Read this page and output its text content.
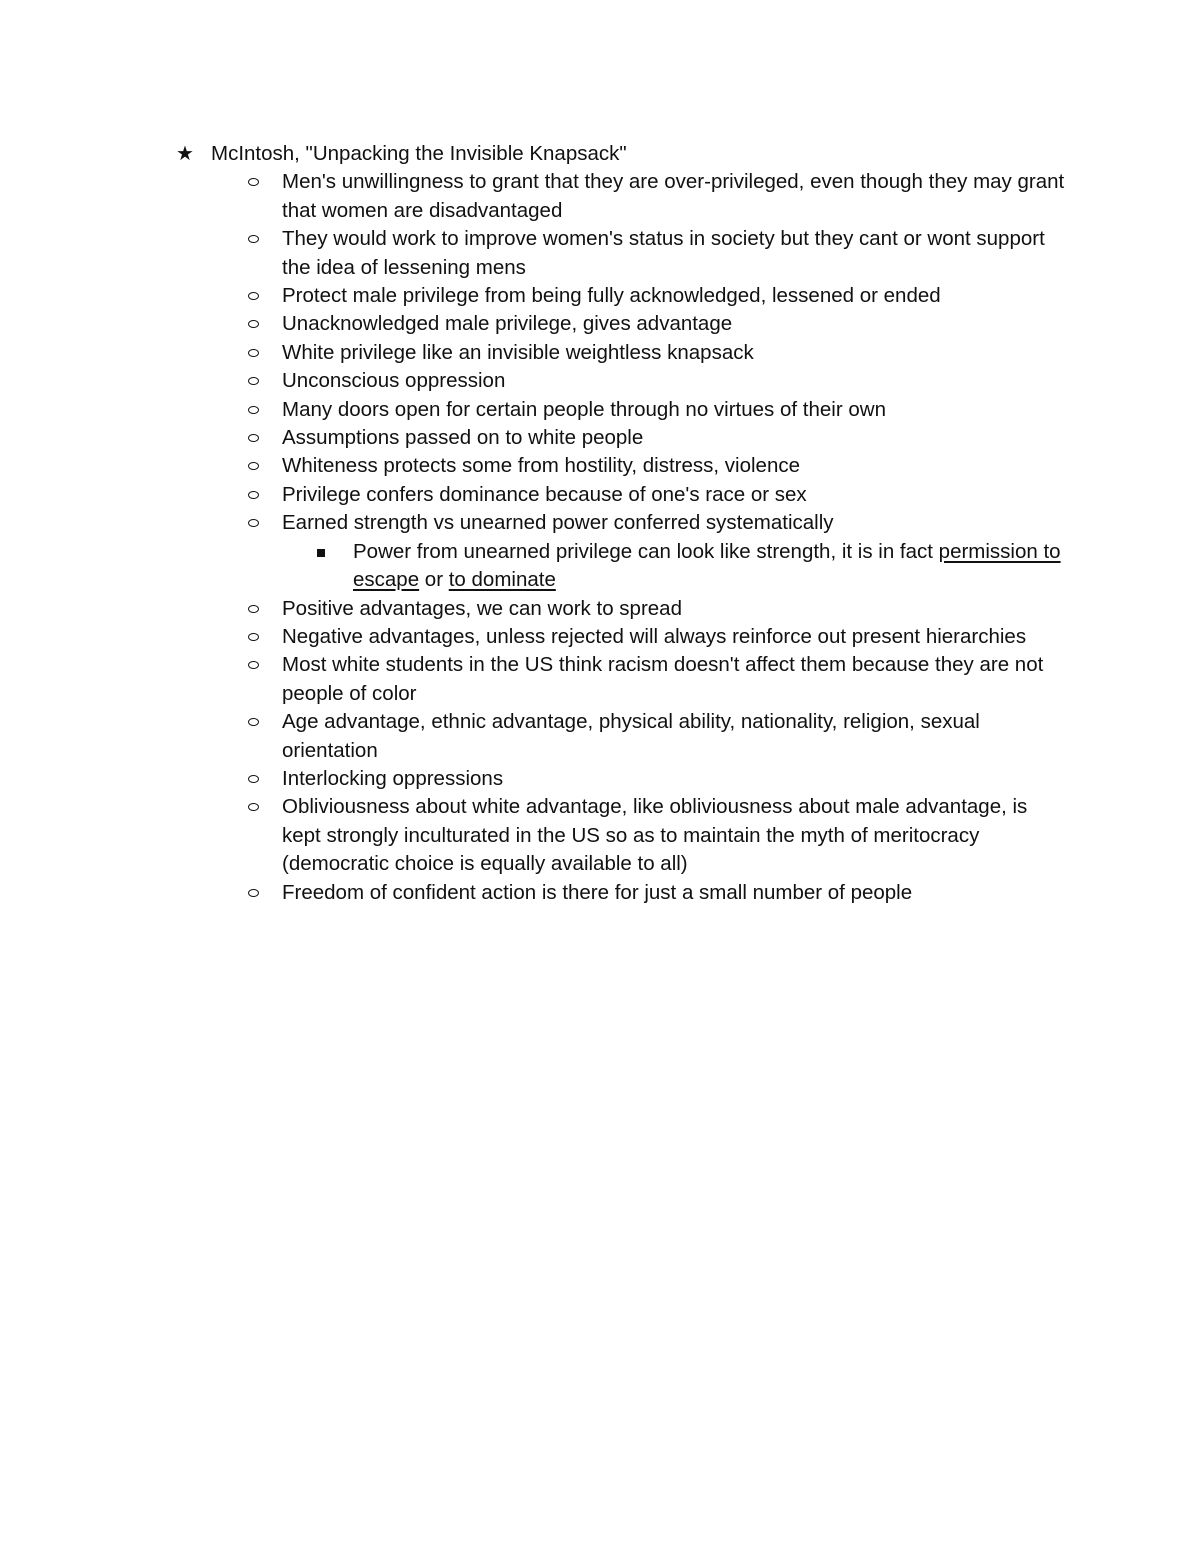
★ McIntosh, "Unpacking the Invisible Knapsack"
Men's unwillingness to grant that they are over-privileged, even though they may grant that women are disadvantaged
They would work to improve women's status in society but they cant or wont support the idea of lessening mens
Protect male privilege from being fully acknowledged, lessened or ended
Unacknowledged male privilege, gives advantage
White privilege like an invisible weightless knapsack
Unconscious oppression
Many doors open for certain people through no virtues of their own
Assumptions passed on to white people
Whiteness protects some from hostility, distress, violence
Privilege confers dominance because of one's race or sex
Earned strength vs unearned power conferred systematically
Power from unearned privilege can look like strength, it is in fact permission to escape or to dominate
Positive advantages, we can work to spread
Negative advantages, unless rejected will always reinforce out present hierarchies
Most white students in the US think racism doesn't affect them because they are not people of color
Age advantage, ethnic advantage, physical ability, nationality, religion, sexual orientation
Interlocking oppressions
Obliviousness about white advantage, like obliviousness about male advantage, is kept strongly inculturated in the US so as to maintain the myth of meritocracy (democratic choice is equally available to all)
Freedom of confident action is there for just a small number of people
